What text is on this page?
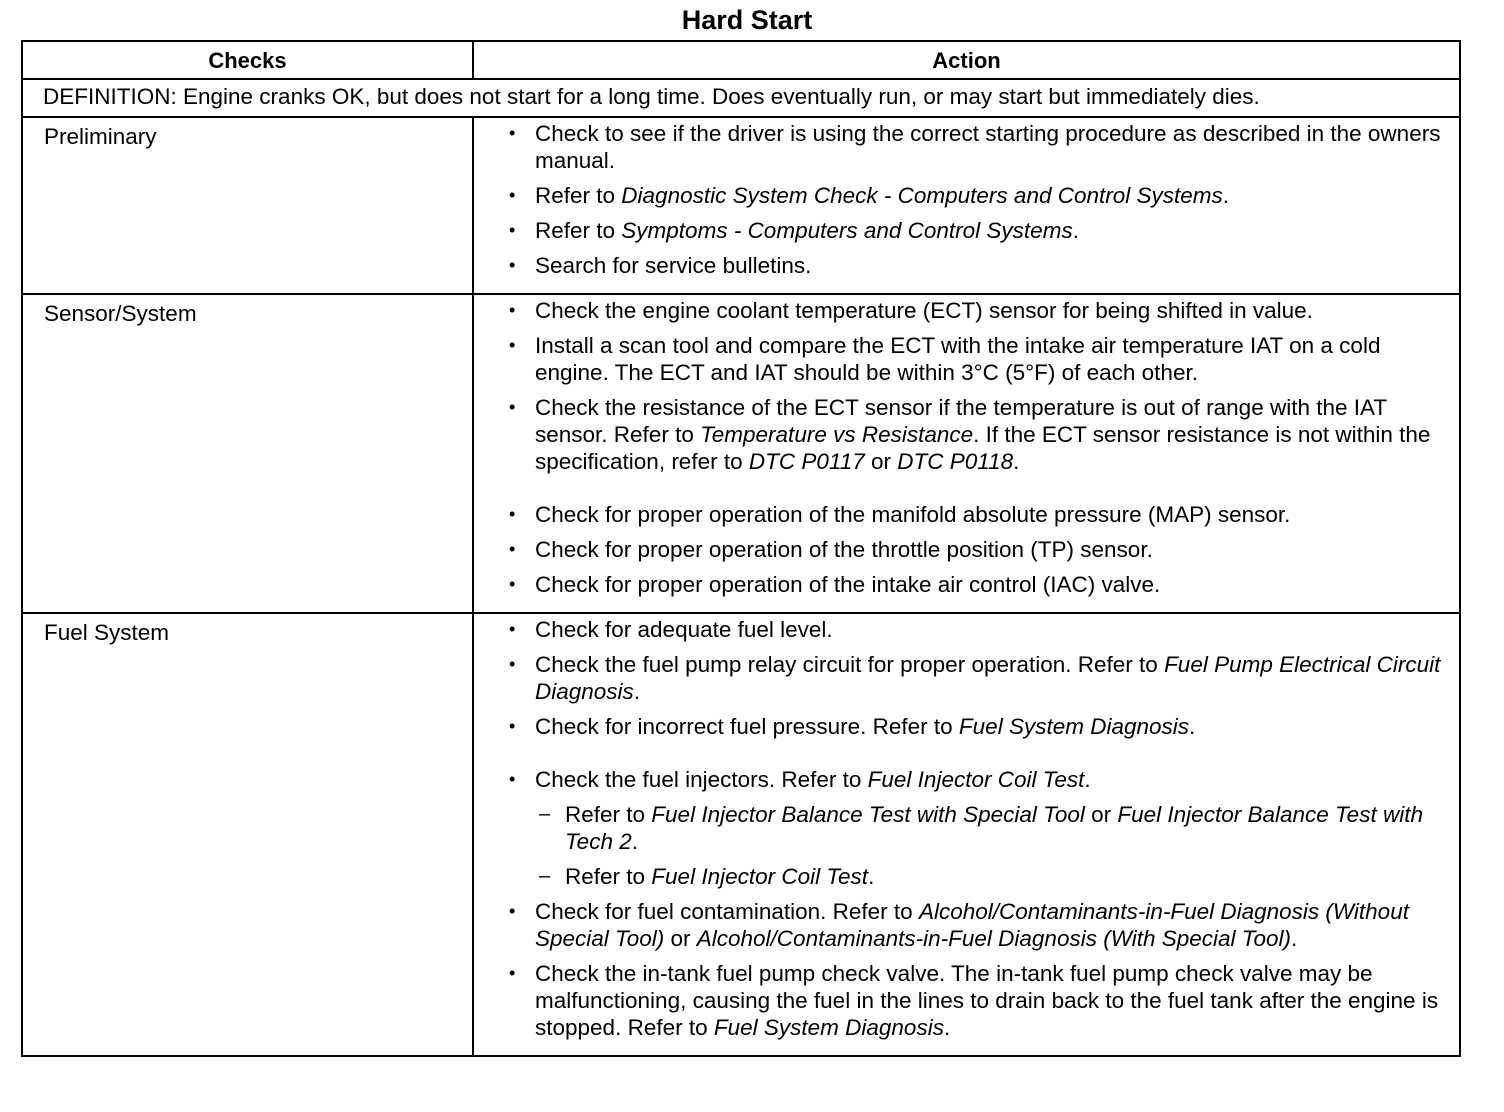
Hard Start
Checks	Action
DEFINITION: Engine cranks OK, but does not start for a long time. Does eventually run, or may start but immediately dies.	
Preliminary	• Check to see if the driver is using the correct starting procedure as described in the owners manual.
• Refer to Diagnostic System Check - Computers and Control Systems.
• Refer to Symptoms - Computers and Control Systems.
• Search for service bulletins.

Sensor/System	• Check the engine coolant temperature (ECT) sensor for being shifted in value.
• Install a scan tool and compare the ECT with the intake air temperature IAT on a cold engine. The ECT and IAT should be within 3°C (5°F) of each other.
• Check the resistance of the ECT sensor if the temperature is out of range with the IAT sensor. Refer to Temperature vs Resistance. If the ECT sensor resistance is not within the specification, refer to DTC P0117 or DTC P0118.
• Check for proper operation of the manifold absolute pressure (MAP) sensor.
• Check for proper operation of the throttle position (TP) sensor.
• Check for proper operation of the intake air control (IAC) valve.

Fuel System	• Check for adequate fuel level.
• Check the fuel pump relay circuit for proper operation. Refer to Fuel Pump Electrical Circuit Diagnosis.
• Check for incorrect fuel pressure. Refer to Fuel System Diagnosis.
• Check the fuel injectors. Refer to Fuel Injector Coil Test.
– Refer to Fuel Injector Balance Test with Special Tool or Fuel Injector Balance Test with Tech 2.
– Refer to Fuel Injector Coil Test.
• Check for fuel contamination. Refer to Alcohol/Contaminants-in-Fuel Diagnosis (Without Special Tool) or Alcohol/Contaminants-in-Fuel Diagnosis (With Special Tool).
• Check the in-tank fuel pump check valve. The in-tank fuel pump check valve may be malfunctioning, causing the fuel in the lines to drain back to the fuel tank after the engine is stopped. Refer to Fuel System Diagnosis.
